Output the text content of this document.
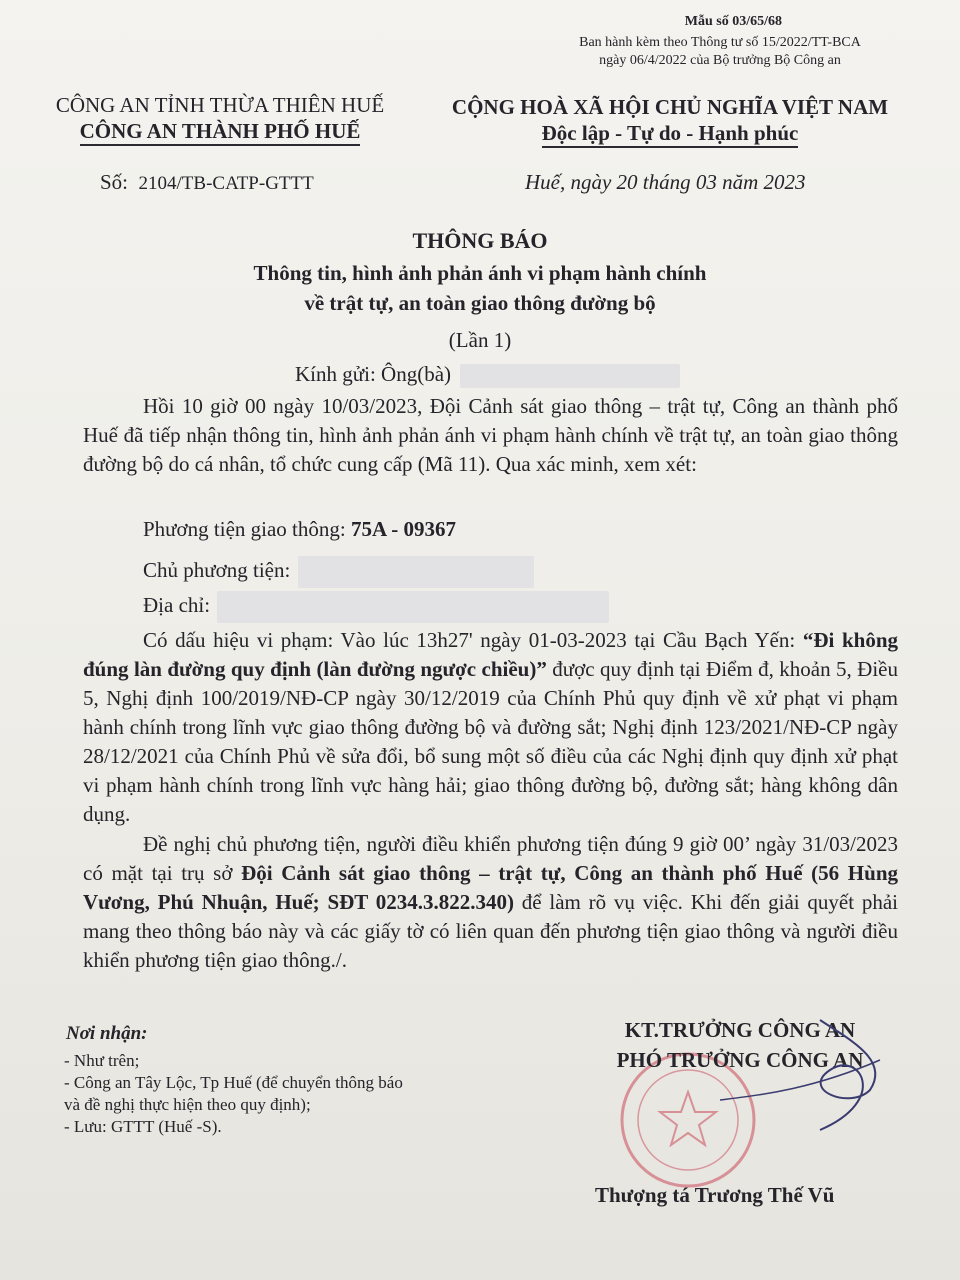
Mẫu số 03/65/68
Ban hành kèm theo Thông tư số 15/2022/TT-BCA
ngày 06/4/2022 của Bộ trưởng Bộ Công an
CÔNG AN TỈNH THỪA THIÊN HUẾ
CÔNG AN THÀNH PHỐ HUẾ
CỘNG HOÀ XÃ HỘI CHỦ NGHĨA VIỆT NAM
Độc lập - Tự do - Hạnh phúc
Số: 2104/TB-CATP-GTTT	Huế, ngày 20 tháng 03 năm 2023
THÔNG BÁO
Thông tin, hình ảnh phản ánh vi phạm hành chính
về trật tự, an toàn giao thông đường bộ
(Lần 1)
Kính gửi: Ông(bà)
Hồi 10 giờ 00 ngày 10/03/2023, Đội Cảnh sát giao thông – trật tự, Công an thành phố Huế đã tiếp nhận thông tin, hình ảnh phản ánh vi phạm hành chính về trật tự, an toàn giao thông đường bộ do cá nhân, tổ chức cung cấp (Mã 11). Qua xác minh, xem xét:
Phương tiện giao thông: 75A - 09367
Chủ phương tiện:
Địa chỉ:
Có dấu hiệu vi phạm: Vào lúc 13h27' ngày 01-03-2023 tại Cầu Bạch Yến: “Đi không đúng làn đường quy định (làn đường ngược chiều)” được quy định tại Điểm đ, khoản 5, Điều 5, Nghị định 100/2019/NĐ-CP ngày 30/12/2019 của Chính Phủ quy định về xử phạt vi phạm hành chính trong lĩnh vực giao thông đường bộ và đường sắt; Nghị định 123/2021/NĐ-CP ngày 28/12/2021 của Chính Phủ về sửa đổi, bổ sung một số điều của các Nghị định quy định xử phạt vi phạm hành chính trong lĩnh vực hàng hải; giao thông đường bộ, đường sắt; hàng không dân dụng.
Đề nghị chủ phương tiện, người điều khiển phương tiện đúng 9 giờ 00’ ngày 31/03/2023 có mặt tại trụ sở Đội Cảnh sát giao thông – trật tự, Công an thành phố Huế (56 Hùng Vương, Phú Nhuận, Huế; SĐT 0234.3.822.340) để làm rõ vụ việc. Khi đến giải quyết phải mang theo thông báo này và các giấy tờ có liên quan đến phương tiện giao thông và người điều khiển phương tiện giao thông./.
Nơi nhận:
- Như trên;
- Công an Tây Lộc, Tp Huế (để chuyển thông báo
và đề nghị thực hiện theo quy định);
- Lưu: GTTT (Huế -S).
KT.TRƯỞNG CÔNG AN
PHÓ TRƯỞNG CÔNG AN
Thượng tá Trương Thế Vũ
